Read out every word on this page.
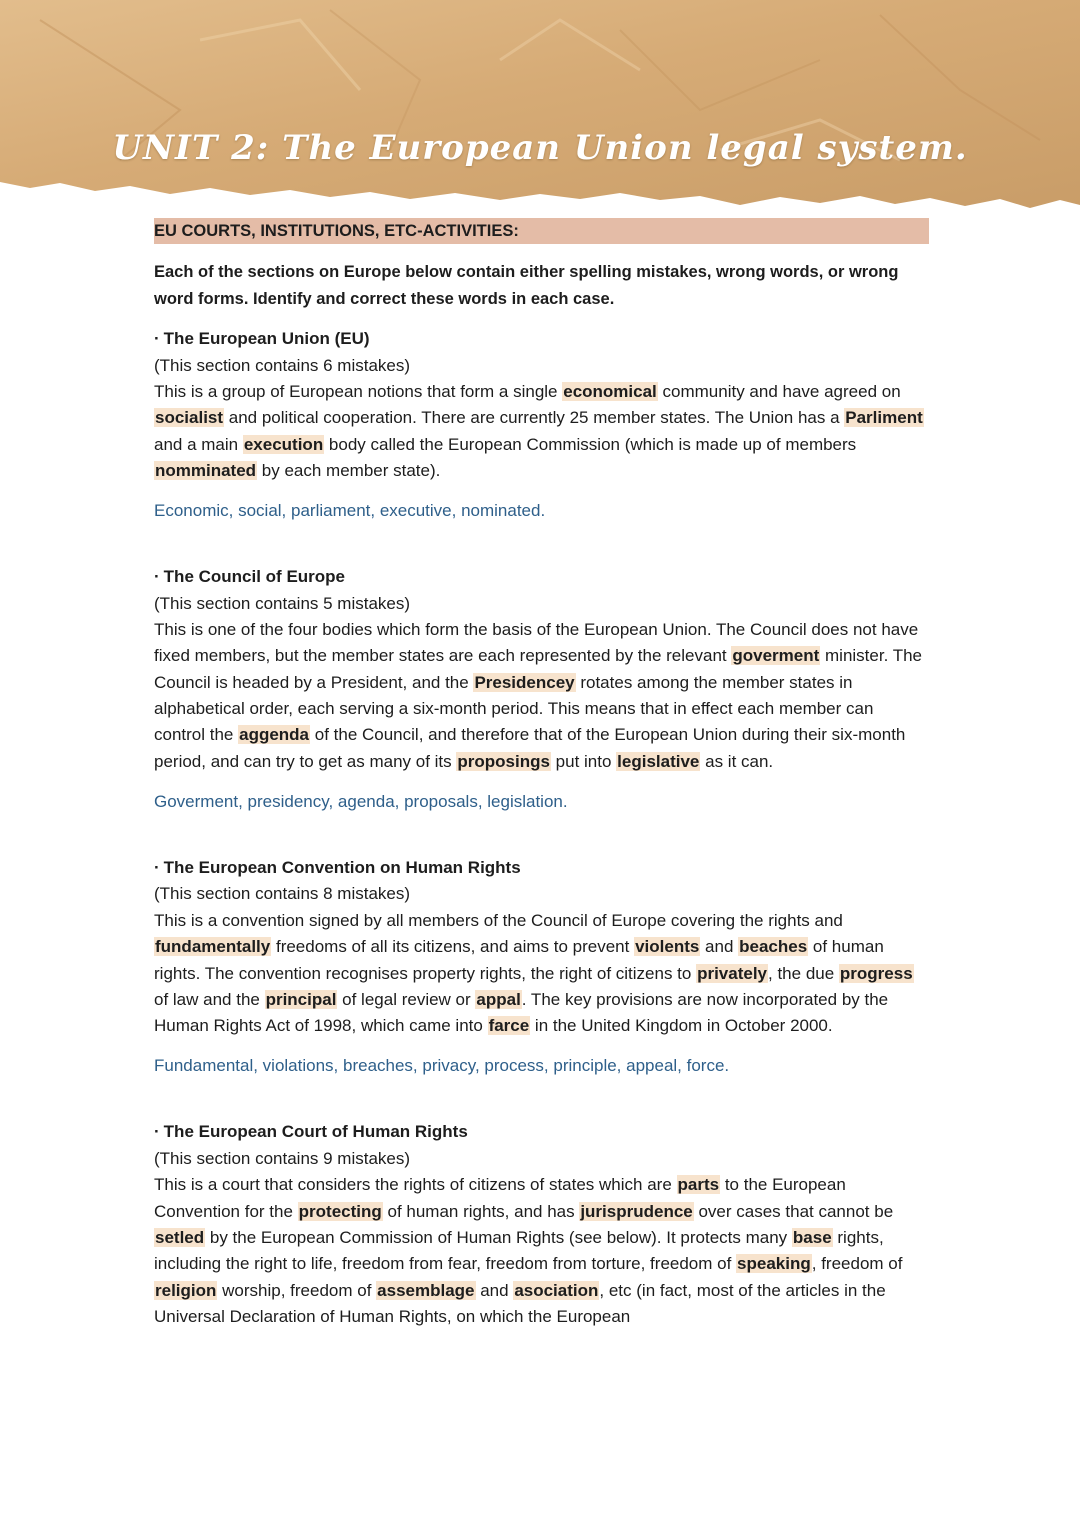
UNIT 2: The European Union legal system.
EU COURTS, INSTITUTIONS, ETC-ACTIVITIES:

Each of the sections on Europe below contain either spelling mistakes, wrong words, or wrong word forms. Identify and correct these words in each case.

· The European Union (EU)
(This section contains 6 mistakes)

This is a group of European notions that form a single economical community and have agreed on socialist and political cooperation. There are currently 25 member states. The Union has a Parliment and a main execution body called the European Commission (which is made up of members nomminated by each member state).

Economic, social, parliament, executive, nominated.

· The Council of Europe
(This section contains 5 mistakes)

This is one of the four bodies which form the basis of the European Union. The Council does not have fixed members, but the member states are each represented by the relevant goverment minister. The Council is headed by a President, and the Presidencey rotates among the member states in alphabetical order, each serving a six-month period. This means that in effect each member can control the aggenda of the Council, and therefore that of the European Union during their six-month period, and can try to get as many of its proposings put into legislative as it can.

Goverment, presidency, agenda, proposals, legislation.

· The European Convention on Human Rights
(This section contains 8 mistakes)

This is a convention signed by all members of the Council of Europe covering the rights and fundamentally freedoms of all its citizens, and aims to prevent violents and beaches of human rights. The convention recognises property rights, the right of citizens to privately, the due progress of law and the principal of legal review or appal. The key provisions are now incorporated by the Human Rights Act of 1998, which came into farce in the United Kingdom in October 2000.

Fundamental, violations, breaches, privacy, process, principle, appeal, force.

· The European Court of Human Rights
(This section contains 9 mistakes)

This is a court that considers the rights of citizens of states which are parts to the European Convention for the protecting of human rights, and has jurisprudence over cases that cannot be setled by the European Commission of Human Rights (see below). It protects many base rights, including the right to life, freedom from fear, freedom from torture, freedom of speaking, freedom of religion worship, freedom of assemblage and asociation, etc (in fact, most of the articles in the Universal Declaration of Human Rights, on which the European
